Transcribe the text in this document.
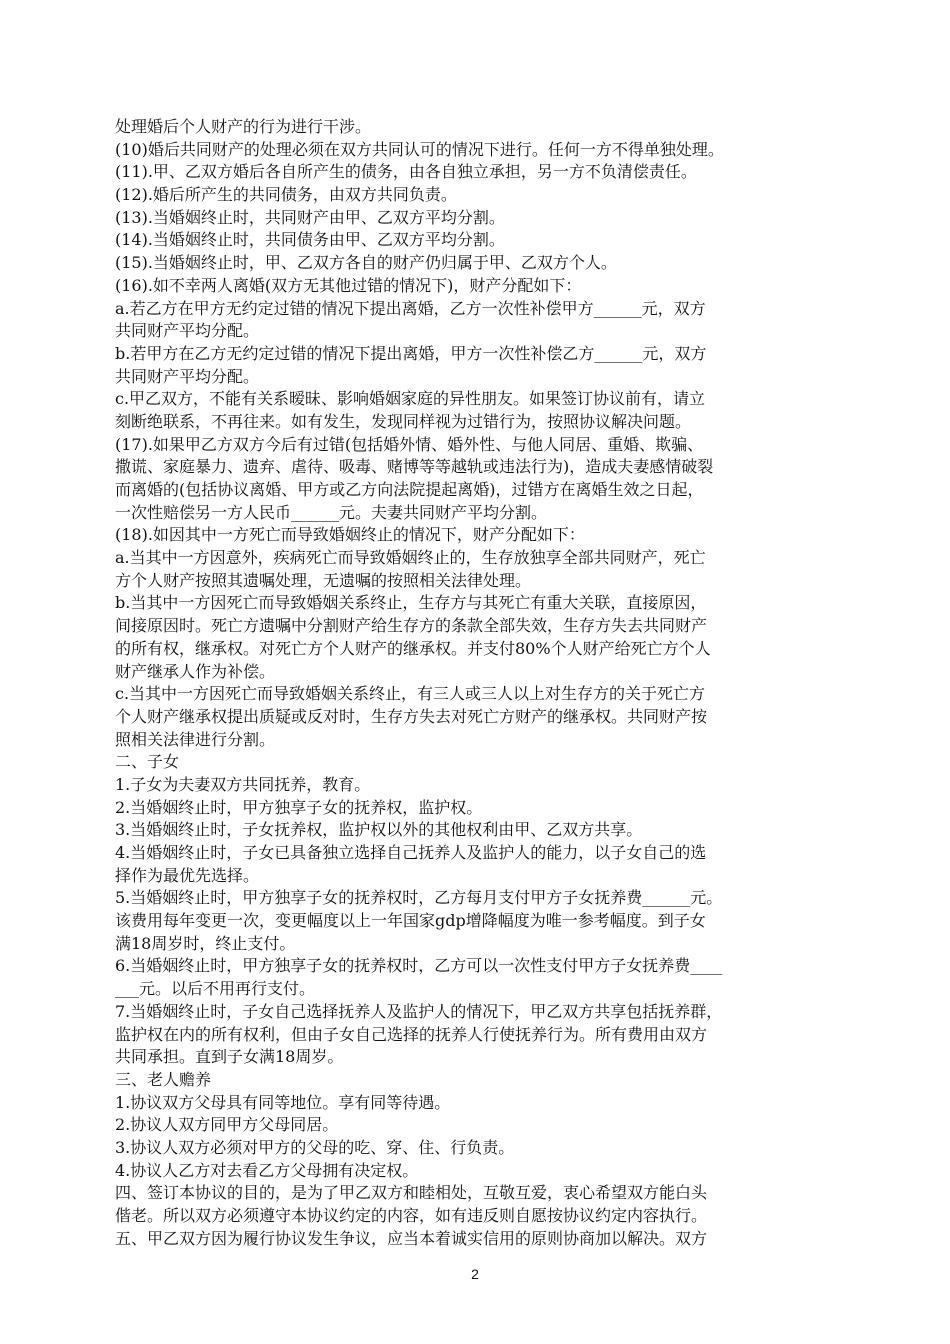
处理婚后个人财产的行为进行干涉。
(10)婚后共同财产的处理必须在双方共同认可的情况下进行。任何一方不得单独处理。
(11).甲、乙双方婚后各自所产生的债务，由各自独立承担，另一方不负清偿责任。
(12).婚后所产生的共同债务，由双方共同负责。
(13).当婚姻终止时，共同财产由甲、乙双方平均分割。
(14).当婚姻终止时，共同债务由甲、乙双方平均分割。
(15).当婚姻终止时，甲、乙双方各自的财产仍归属于甲、乙双方个人。
(16).如不幸两人离婚(双方无其他过错的情况下)，财产分配如下：
a.若乙方在甲方无约定过错的情况下提出离婚，乙方一次性补偿甲方______元，双方
共同财产平均分配。
b.若甲方在乙方无约定过错的情况下提出离婚，甲方一次性补偿乙方______元，双方
共同财产平均分配。
c.甲乙双方，不能有关系暧昧、影响婚姻家庭的异性朋友。如果签订协议前有，请立
刻断绝联系，不再往来。如有发生，发现同样视为过错行为，按照协议解决问题。
(17).如果甲乙方双方今后有过错(包括婚外情、婚外性、与他人同居、重婚、欺骗、
撒谎、家庭暴力、遗弃、虐待、吸毒、赌博等等越轨或违法行为)，造成夫妻感情破裂
而离婚的(包括协议离婚、甲方或乙方向法院提起离婚)，过错方在离婚生效之日起，
一次性赔偿另一方人民币______元。夫妻共同财产平均分割。
(18).如因其中一方死亡而导致婚姻终止的情况下，财产分配如下：
a.当其中一方因意外，疾病死亡而导致婚姻终止的，生存放独享全部共同财产，死亡
方个人财产按照其遗嘱处理，无遗嘱的按照相关法律处理。
b.当其中一方因死亡而导致婚姻关系终止，生存方与其死亡有重大关联，直接原因，
间接原因时。死亡方遗嘱中分割财产给生存方的条款全部失效，生存方失去共同财产
的所有权，继承权。对死亡方个人财产的继承权。并支付80%个人财产给死亡方个人
财产继承人作为补偿。
c.当其中一方因死亡而导致婚姻关系终止，有三人或三人以上对生存方的关于死亡方
个人财产继承权提出质疑或反对时，生存方失去对死亡方财产的继承权。共同财产按
照相关法律进行分割。
二、子女
1.子女为夫妻双方共同抚养，教育。
2.当婚姻终止时，甲方独享子女的抚养权，监护权。
3.当婚姻终止时，子女抚养权，监护权以外的其他权利由甲、乙双方共享。
4.当婚姻终止时，子女已具备独立选择自己抚养人及监护人的能力，以子女自己的选
择作为最优先选择。
5.当婚姻终止时，甲方独享子女的抚养权时，乙方每月支付甲方子女抚养费______元。
该费用每年变更一次，变更幅度以上一年国家gdp增降幅度为唯一参考幅度。到子女
满18周岁时，终止支付。
6.当婚姻终止时，甲方独享子女的抚养权时，乙方可以一次性支付甲方子女抚养费____
___元。以后不用再行支付。
7.当婚姻终止时，子女自己选择抚养人及监护人的情况下，甲乙双方共享包括抚养群，
监护权在内的所有权利，但由子女自己选择的抚养人行使抚养行为。所有费用由双方
共同承担。直到子女满18周岁。
三、老人赡养
1.协议双方父母具有同等地位。享有同等待遇。
2.协议人双方同甲方父母同居。
3.协议人双方必须对甲方的父母的吃、穿、住、行负责。
4.协议人乙方对去看乙方父母拥有决定权。
四、签订本协议的目的，是为了甲乙双方和睦相处，互敬互爱，衷心希望双方能白头
偕老。所以双方必须遵守本协议约定的内容，如有违反则自愿按协议约定内容执行。
五、甲乙双方因为履行协议发生争议，应当本着诚实信用的原则协商加以解决。双方
2
